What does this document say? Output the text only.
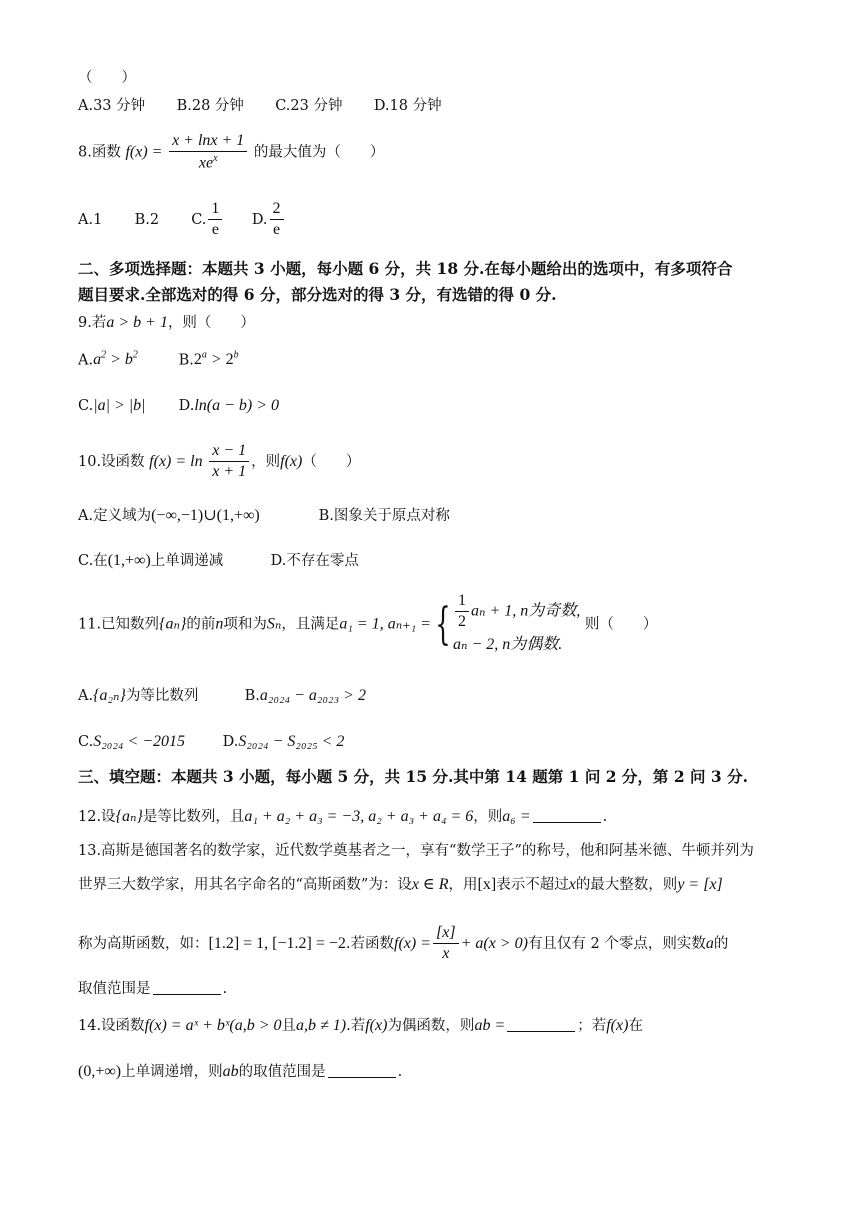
（　　）
A.33 分钟 B.28 分钟 C.23 分钟 D.18 分钟
8.函数 $f(x) = \frac{x + \ln x + 1}{xe^x}$ 的最大值为（　　）
A.1 B.2 C. $\frac{1}{e} D$. $\frac{2}{e}$
二、多项选择题：本题共 3 小题，每小题 6 分，共 18 分.在每小题给出的选项中，有多项符合
题目要求.全部选对的得 6 分，部分选对的得 3 分，有选错的得 0 分.
9.若a > b + 1，则（　　）
$A.a^2 > b^2$	$B.2^a > 2^b$
C.|a| > |b| D.ln(a − b) > 0
10.设函数 $f(x) = \ln \frac{x - 1}{x + 1}$ ，则f(x)（　　）
A.定义域为(−∞,−1)∪(1,+∞)	B.图象关于原点对称
C.在(1,+∞)上单调递减	D.不存在零点
11.已知数列{aₙ}的前n项和为Sₙ，且满足a₁ = 1, aₙ₊₁ ={ $\frac{1}{2}$ aₙ + 1, n为奇数,
aₙ − 2, n为偶数.
则（　　）
A.{a₂ₙ}为等比数列	B.a₂₀₂₄ − a₂₀₂₃ > 2
C.S₂₀₂₄ < −2015	D.S₂₀₂₄ − S₂₀₂₅ < 2
三、填空题：本题共 3 小题，每小题 5 分，共 15 分.其中第 14 题第 1 问 2 分，第 2 问 3 分.
12.设{aₙ}是等比数列，且a₁ + a₂ + a₃ = −3, a₂ + a₃ + a₄ = 6，则a₆ =	.
13.高斯是德国著名的数学家，近代数学奠基者之一，享有“数学王子”的称号，他和阿基米德、牛顿并列为
世界三大数学家，用其名字命名的“高斯函数”为：设x ∈ R，用[x]表示不超过x的最大整数，则y = [x]
称为高斯函数，如：[1.2] = 1, [−1.2] = −2.若函数$f(x) = \frac{[x]}{x} + a(x > 0)$有且仅有 2 个零点，则实数a的
取值范围是	.
14.设函数f(x) = aˣ + bˣ(a,b > 0且a,b ≠ 1).若f(x)为偶函数，则ab =	；若f(x)在
(0,+∞)上单调递增，则ab的取值范围是	.
